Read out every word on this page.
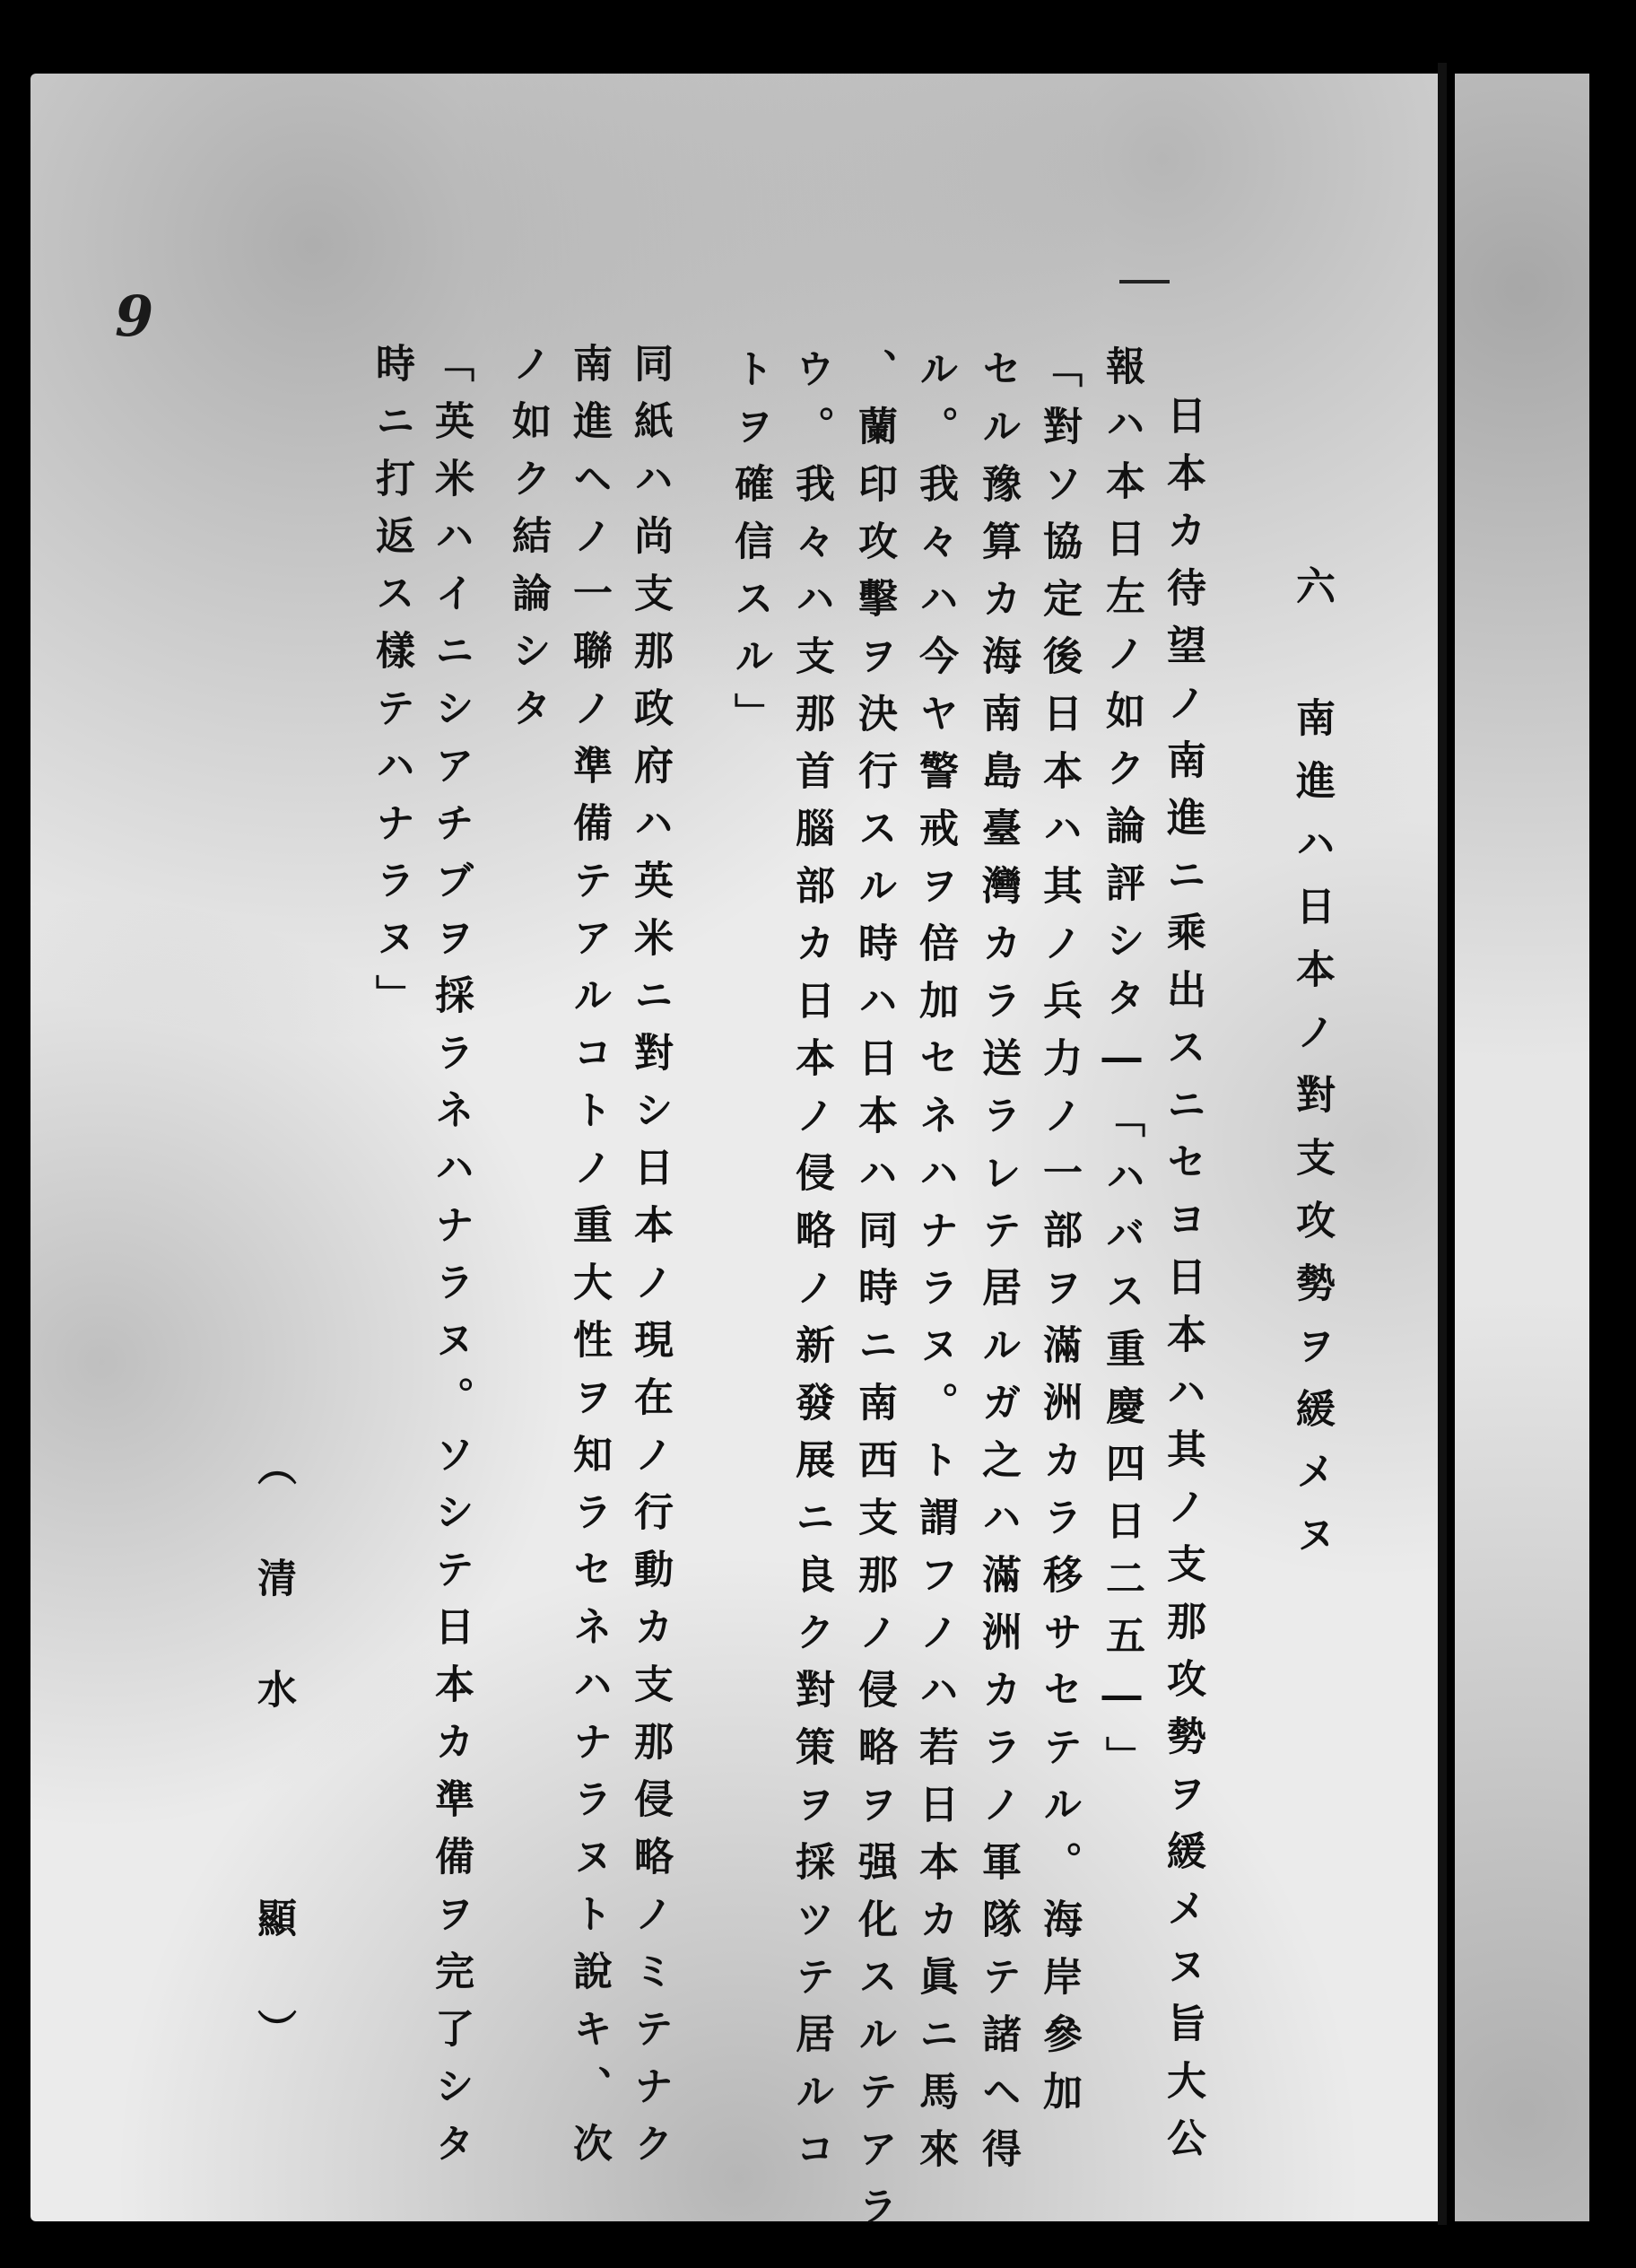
9
六 南進ハ日本ノ對支攻勢ヲ緩メヌ
日本カ待望ノ南進ニ乘出スニセヨ日本ハ其ノ支那攻勢ヲ緩メヌ旨大公
報ハ本日左ノ如ク論評シタ―「ハバス重慶四日二五―」
「對ソ協定後日本ハ其ノ兵力ノ一部ヲ滿洲カラ移サセテル。海岸參加
セル豫算カ海南島臺灣カラ送ラレテ居ルガ之ハ滿洲カラノ軍隊テ諸ヘ得
ル。我々ハ今ヤ警戒ヲ倍加セネハナラヌ。ト謂フノハ若日本カ眞ニ馬來
、蘭印攻擊ヲ決行スル時ハ日本ハ同時ニ南西支那ノ侵略ヲ强化スルテアラ
ウ。我々ハ支那首腦部カ日本ノ侵略ノ新發展ニ良ク對策ヲ採ツテ居ルコ
トヲ確信スル」
同紙ハ尚支那政府ハ英米ニ對シ日本ノ現在ノ行動カ支那侵略ノミテナク
南進ヘノ一聯ノ準備テアルコトノ重大性ヲ知ラセネハナラヌト說キ、次
ノ如ク結論シタ
「英米ハイニシアチブヲ採ラネハナラヌ。ソシテ日本カ準備ヲ完了シタ
時ニ打返ス樣テハナラヌ」
（清水 顯）
